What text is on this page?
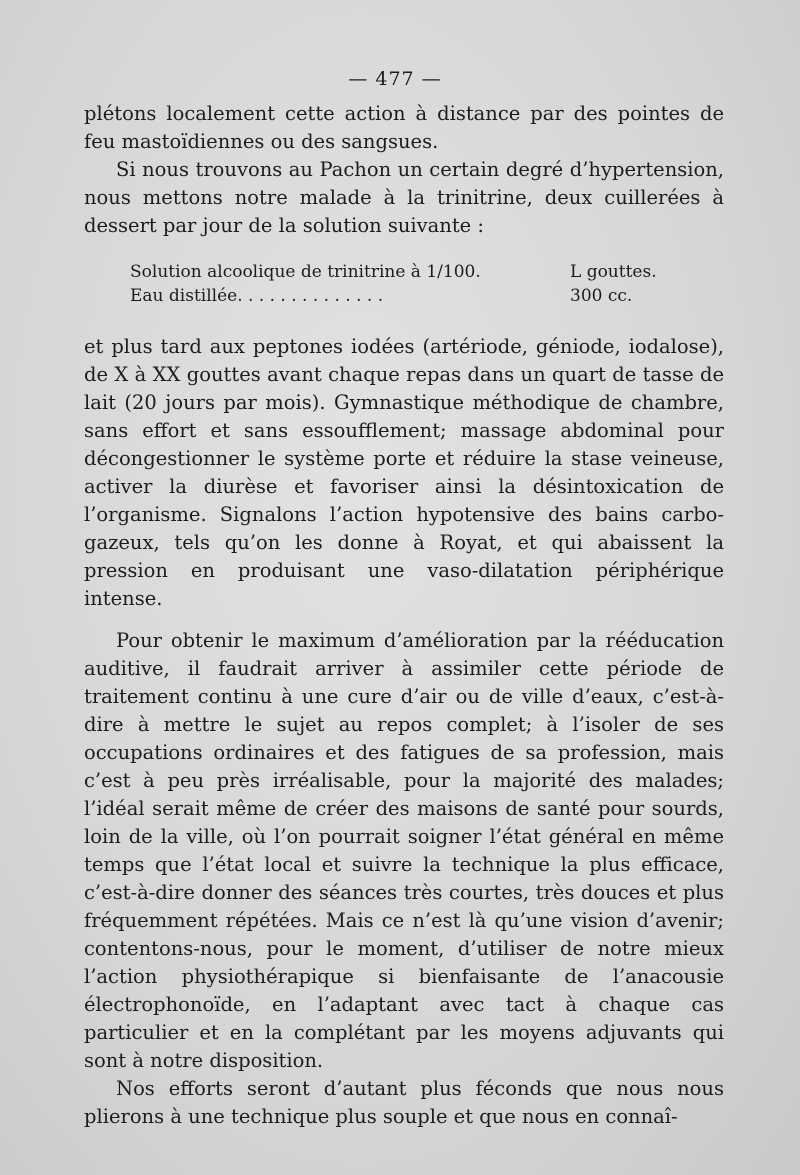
— 477 —

plétons localement cette action à distance par des pointes de feu mastoïdiennes ou des sangsues.

Si nous trouvons au Pachon un certain degré d’hypertension, nous mettons notre malade à la trinitrine, deux cuillerées à dessert par jour de la solution suivante :

Solution alcoolique de trinitrine à 1/100.	L gouttes.
Eau distillée. . . . . . . . . . . . . .	300 cc.

et plus tard aux peptones iodées (artériode, géniode, iodalose), de X à XX gouttes avant chaque repas dans un quart de tasse de lait (20 jours par mois). Gymnastique méthodique de chambre, sans effort et sans essoufflement; massage abdominal pour décongestionner le système porte et réduire la stase veineuse, activer la diurèse et favoriser ainsi la désintoxication de l’organisme. Signalons l’action hypotensive des bains carbo-gazeux, tels qu’on les donne à Royat, et qui abaissent la pression en produisant une vaso-dilatation périphérique intense.

Pour obtenir le maximum d’amélioration par la rééducation auditive, il faudrait arriver à assimiler cette période de traitement continu à une cure d’air ou de ville d’eaux, c’est-à-dire à mettre le sujet au repos complet; à l’isoler de ses occupations ordinaires et des fatigues de sa profession, mais c’est à peu près irréalisable, pour la majorité des malades; l’idéal serait même de créer des maisons de santé pour sourds, loin de la ville, où l’on pourrait soigner l’état général en même temps que l’état local et suivre la technique la plus efficace, c’est-à-dire donner des séances très courtes, très douces et plus fréquemment répétées. Mais ce n’est là qu’une vision d’avenir; contentons-nous, pour le moment, d’utiliser de notre mieux l’action physiothérapique si bienfaisante de l’anacousie électrophonoïde, en l’adaptant avec tact à chaque cas particulier et en la complétant par les moyens adjuvants qui sont à notre disposition.

Nos efforts seront d’autant plus féconds que nous nous plierons à une technique plus souple et que nous en connaî-
